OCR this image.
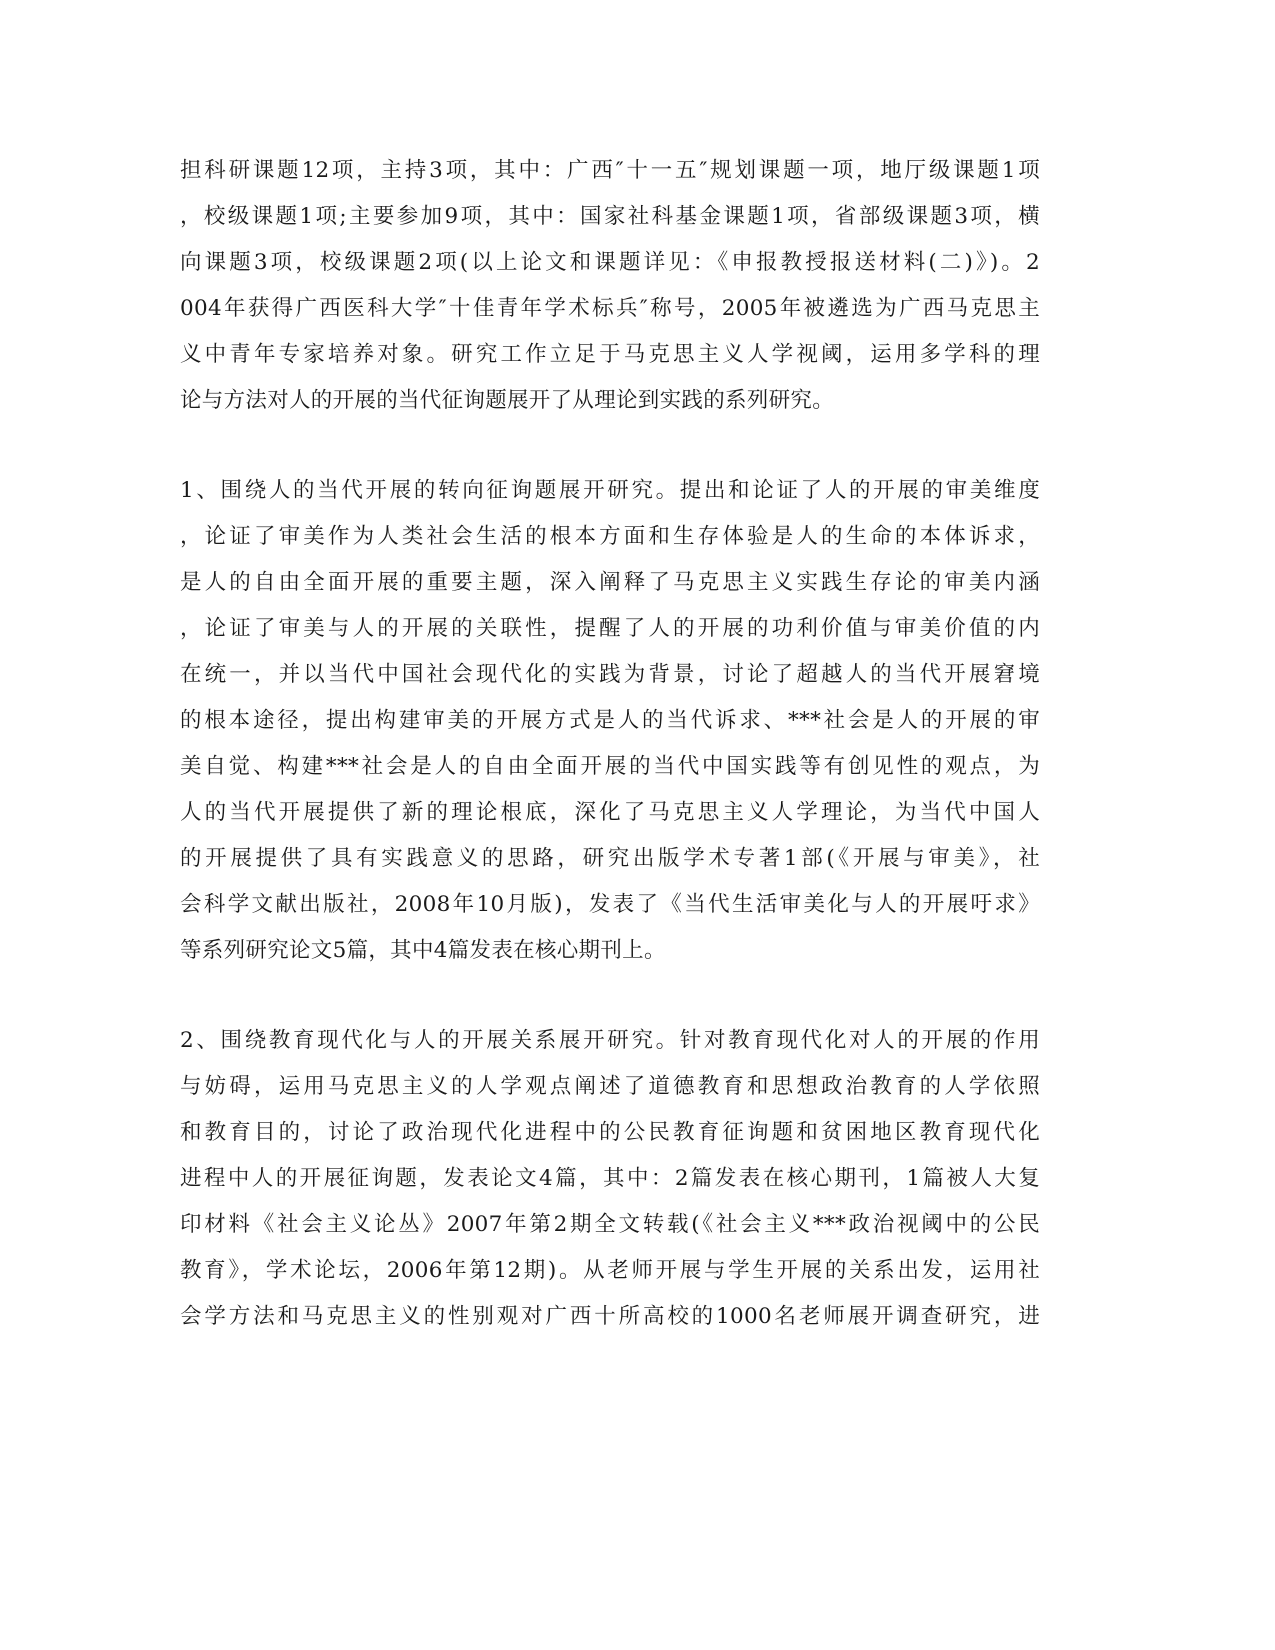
担科研课题12项，主持3项，其中：广西″十一五″规划课题一项，地厅级课题1项
，校级课题1项;主要参加9项，其中：国家社科基金课题1项，省部级课题3项，横
向课题3项，校级课题2项(以上论文和课题详见：《申报教授报送材料(二)》)。2
004年获得广西医科大学″十佳青年学术标兵″称号，2005年被遴选为广西马克思主
义中青年专家培养对象。研究工作立足于马克思主义人学视阈，运用多学科的理
论与方法对人的开展的当代征询题展开了从理论到实践的系列研究。
1、围绕人的当代开展的转向征询题展开研究。提出和论证了人的开展的审美维度
，论证了审美作为人类社会生活的根本方面和生存体验是人的生命的本体诉求，
是人的自由全面开展的重要主题，深入阐释了马克思主义实践生存论的审美内涵
，论证了审美与人的开展的关联性，提醒了人的开展的功利价值与审美价值的内
在统一，并以当代中国社会现代化的实践为背景，讨论了超越人的当代开展窘境
的根本途径，提出构建审美的开展方式是人的当代诉求、***社会是人的开展的审
美自觉、构建***社会是人的自由全面开展的当代中国实践等有创见性的观点，为
人的当代开展提供了新的理论根底，深化了马克思主义人学理论，为当代中国人
的开展提供了具有实践意义的思路，研究出版学术专著1部(《开展与审美》，社
会科学文献出版社，2008年10月版)，发表了《当代生活审美化与人的开展吁求》
等系列研究论文5篇，其中4篇发表在核心期刊上。
2、围绕教育现代化与人的开展关系展开研究。针对教育现代化对人的开展的作用
与妨碍，运用马克思主义的人学观点阐述了道德教育和思想政治教育的人学依照
和教育目的，讨论了政治现代化进程中的公民教育征询题和贫困地区教育现代化
进程中人的开展征询题，发表论文4篇，其中：2篇发表在核心期刊，1篇被人大复
印材料《社会主义论丛》2007年第2期全文转载(《社会主义***政治视阈中的公民
教育》，学术论坛，2006年第12期)。从老师开展与学生开展的关系出发，运用社
会学方法和马克思主义的性别观对广西十所高校的1000名老师展开调查研究，进
